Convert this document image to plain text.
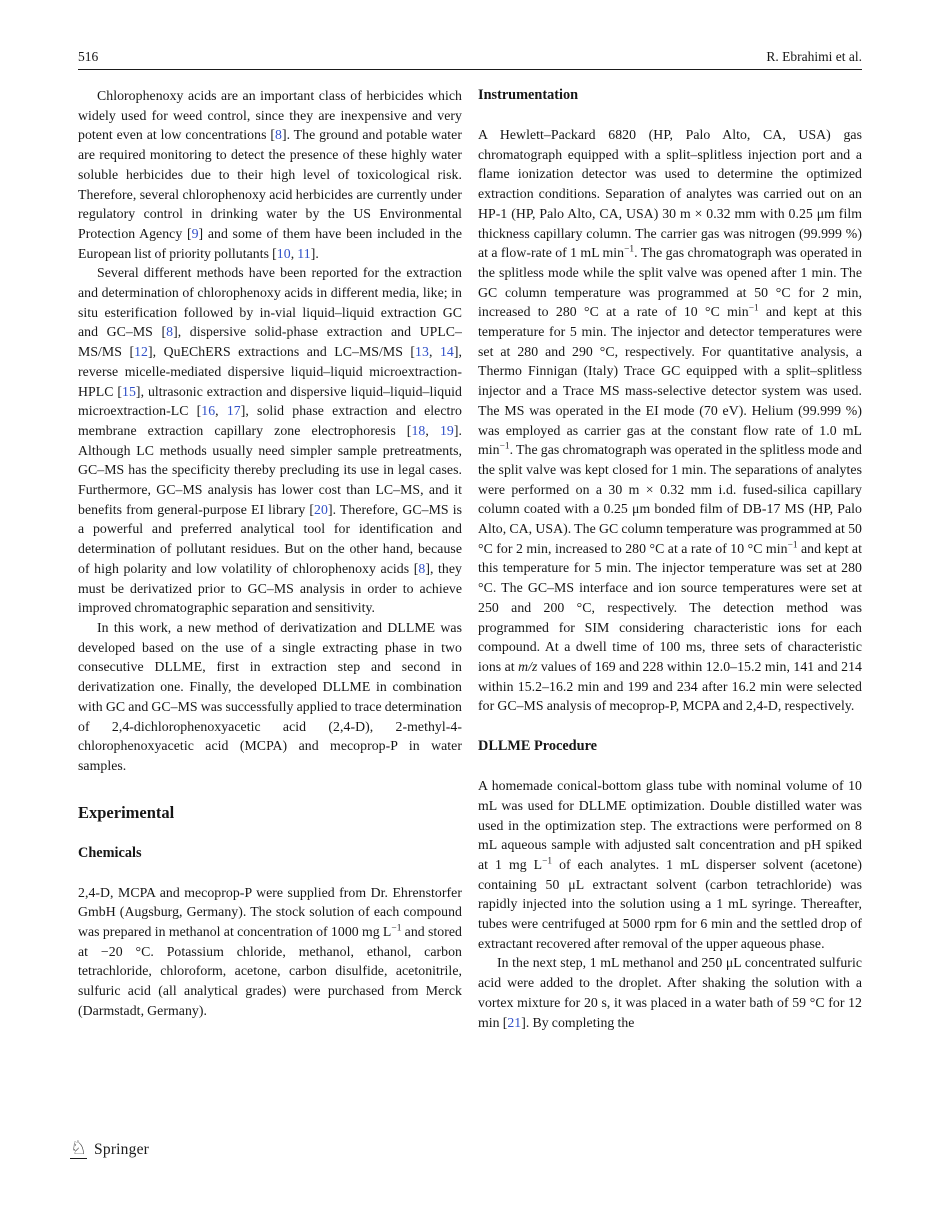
516	R. Ebrahimi et al.

Chlorophenoxy acids are an important class of herbicides which widely used for weed control, since they are inexpensive and very potent even at low concentrations [8]. The ground and potable water are required monitoring to detect the presence of these highly water soluble herbicides due to their high level of toxicological risk. Therefore, several chlorophenoxy acid herbicides are currently under regulatory control in drinking water by the US Environmental Protection Agency [9] and some of them have been included in the European list of priority pollutants [10, 11].

Several different methods have been reported for the extraction and determination of chlorophenoxy acids in different media, like; in situ esterification followed by in-vial liquid–liquid extraction GC and GC–MS [8], dispersive solid-phase extraction and UPLC–MS/MS [12], QuEChERS extractions and LC–MS/MS [13, 14], reverse micelle-mediated dispersive liquid–liquid microextraction-HPLC [15], ultrasonic extraction and dispersive liquid–liquid–liquid microextraction-LC [16, 17], solid phase extraction and electro membrane extraction capillary zone electrophoresis [18, 19]. Although LC methods usually need simpler sample pretreatments, GC–MS has the specificity thereby precluding its use in legal cases. Furthermore, GC–MS analysis has lower cost than LC–MS, and it benefits from general-purpose EI library [20]. Therefore, GC–MS is a powerful and preferred analytical tool for identification and determination of pollutant residues. But on the other hand, because of high polarity and low volatility of chlorophenoxy acids [8], they must be derivatized prior to GC–MS analysis in order to achieve improved chromatographic separation and sensitivity.

In this work, a new method of derivatization and DLLME was developed based on the use of a single extracting phase in two consecutive DLLME, first in extraction step and second in derivatization one. Finally, the developed DLLME in combination with GC and GC–MS was successfully applied to trace determination of 2,4-dichlorophenoxyacetic acid (2,4-D), 2-methyl-4-chlorophenoxyacetic acid (MCPA) and mecoprop-P in water samples.

Experimental
Chemicals

2,4-D, MCPA and mecoprop-P were supplied from Dr. Ehrenstorfer GmbH (Augsburg, Germany). The stock solution of each compound was prepared in methanol at concentration of 1000 mg $L^{-1}$ and stored at −20 °C. Potassium chloride, methanol, ethanol, carbon tetrachloride, chloroform, acetone, carbon disulfide, acetonitrile, sulfuric acid (all analytical grades) were purchased from Merck (Darmstadt, Germany).

Instrumentation

A Hewlett–Packard 6820 (HP, Palo Alto, CA, USA) gas chromatograph equipped with a split–splitless injection port and a flame ionization detector was used to determine the optimized extraction conditions. Separation of analytes was carried out on an HP-1 (HP, Palo Alto, CA, USA) 30 m × 0.32 mm with 0.25 μm film thickness capillary column. The carrier gas was nitrogen (99.999 %) at a flow-rate of 1 mL $\min^{-1}$. The gas chromatograph was operated in the splitless mode while the split valve was opened after 1 min. The GC column temperature was programmed at 50 °C for 2 min, increased to 280 °C at a rate of 10 °C $\min^{-1}$ and kept at this temperature for 5 min. The injector and detector temperatures were set at 280 and 290 °C, respectively. For quantitative analysis, a Thermo Finnigan (Italy) Trace GC equipped with a split–splitless injector and a Trace MS mass-selective detector system was used. The MS was operated in the EI mode (70 eV). Helium (99.999 %) was employed as carrier gas at the constant flow rate of 1.0 mL $\min^{-1}$. The gas chromatograph was operated in the splitless mode and the split valve was kept closed for 1 min. The separations of analytes were performed on a 30 m × 0.32 mm i.d. fused-silica capillary column coated with a 0.25 μm bonded film of DB-17 MS (HP, Palo Alto, CA, USA). The GC column temperature was programmed at 50 °C for 2 min, increased to 280 °C at a rate of 10 °C $\min^{-1}$ and kept at this temperature for 5 min. The injector temperature was set at 280 °C. The GC–MS interface and ion source temperatures were set at 250 and 200 °C, respectively. The detection method was programmed for SIM considering characteristic ions for each compound. At a dwell time of 100 ms, three sets of characteristic ions at m/z values of 169 and 228 within 12.0–15.2 min, 141 and 214 within 15.2–16.2 min and 199 and 234 after 16.2 min were selected for GC–MS analysis of mecoprop-P, MCPA and 2,4-D, respectively.

DLLME Procedure

A homemade conical-bottom glass tube with nominal volume of 10 mL was used for DLLME optimization. Double distilled water was used in the optimization step. The extractions were performed on 8 mL aqueous sample with adjusted salt concentration and pH spiked at 1 mg $L^{-1}$ of each analytes. 1 mL disperser solvent (acetone) containing 50 μL extractant solvent (carbon tetrachloride) was rapidly injected into the solution using a 1 mL syringe. Thereafter, tubes were centrifuged at 5000 rpm for 6 min and the settled drop of extractant recovered after removal of the upper aqueous phase.

In the next step, 1 mL methanol and 250 μL concentrated sulfuric acid were added to the droplet. After shaking the solution with a vortex mixture for 20 s, it was placed in a water bath of 59 °C for 12 min [21]. By completing the

♘ Springer
